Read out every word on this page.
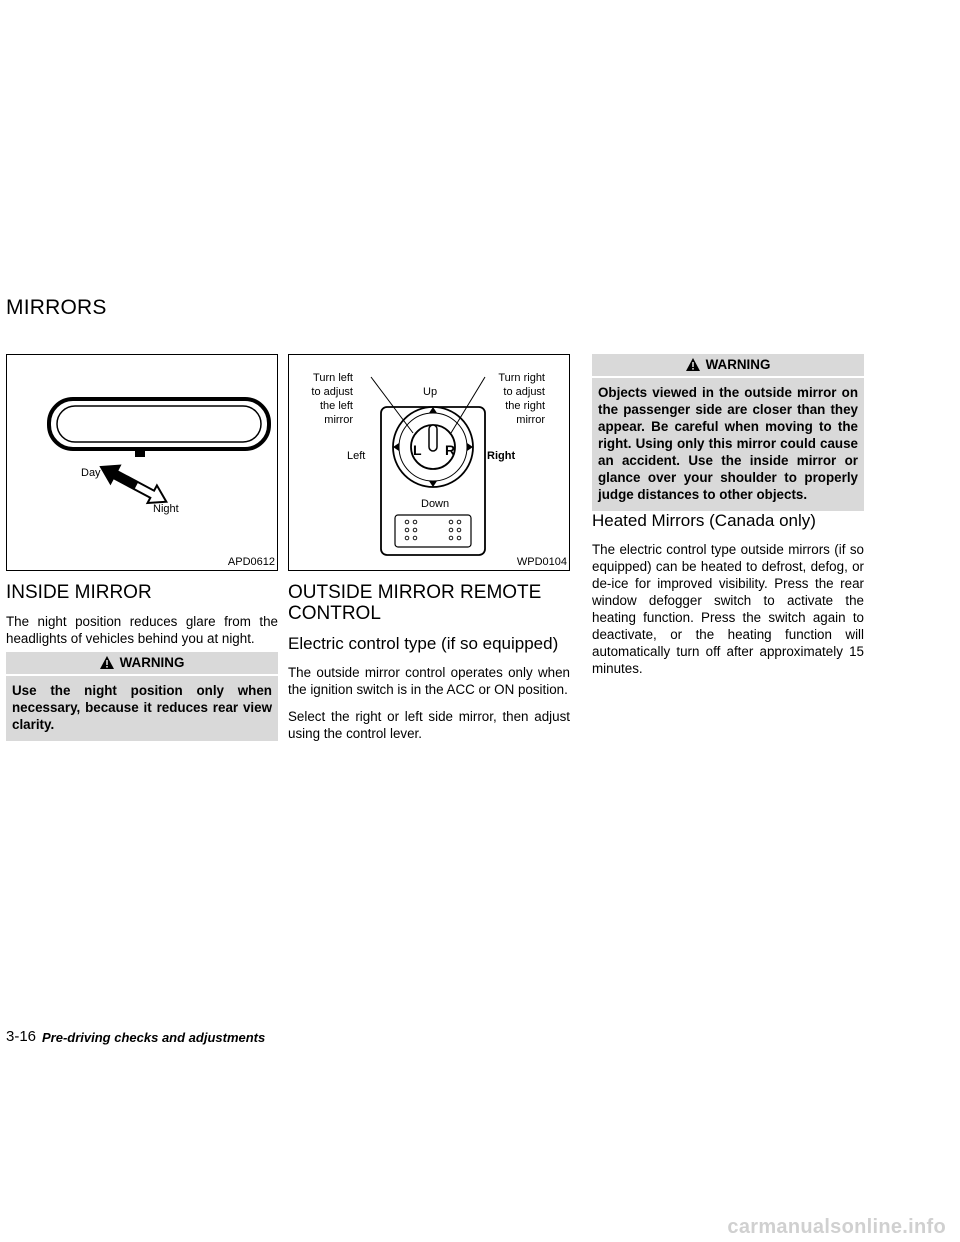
MIRRORS
Day
Night
APD0612
L R
Turn left
to adjust
the left
mirror
Turn right
to adjust
the right
mirror
Up
Down
Left	Right
WPD0104
INSIDE MIRROR

The night position reduces glare from the headlights of vehicles behind you at night.

WARNING
Use the night position only when necessary, because it reduces rear view clarity.
OUTSIDE MIRROR REMOTE
CONTROL
Electric control type (if so equipped)

The outside mirror control operates only when the ignition switch is in the ACC or ON position.

Select the right or left side mirror, then adjust using the control lever.

WARNING
Objects viewed in the outside mirror on the passenger side are closer than they appear. Be careful when moving to the right. Using only this mirror could cause an accident. Use the inside mirror or glance over your shoulder to properly judge distances to other objects.
Heated Mirrors (Canada only)

The electric control type outside mirrors (if so equipped) can be heated to defrost, defog, or de-ice for improved visibility. Press the rear window defogger switch to activate the heating function. Press the switch again to deactivate, or the heating function will automatically turn off after approximately 15 minutes.

3-16 Pre-driving checks and adjustments
carmanualsonline.info
